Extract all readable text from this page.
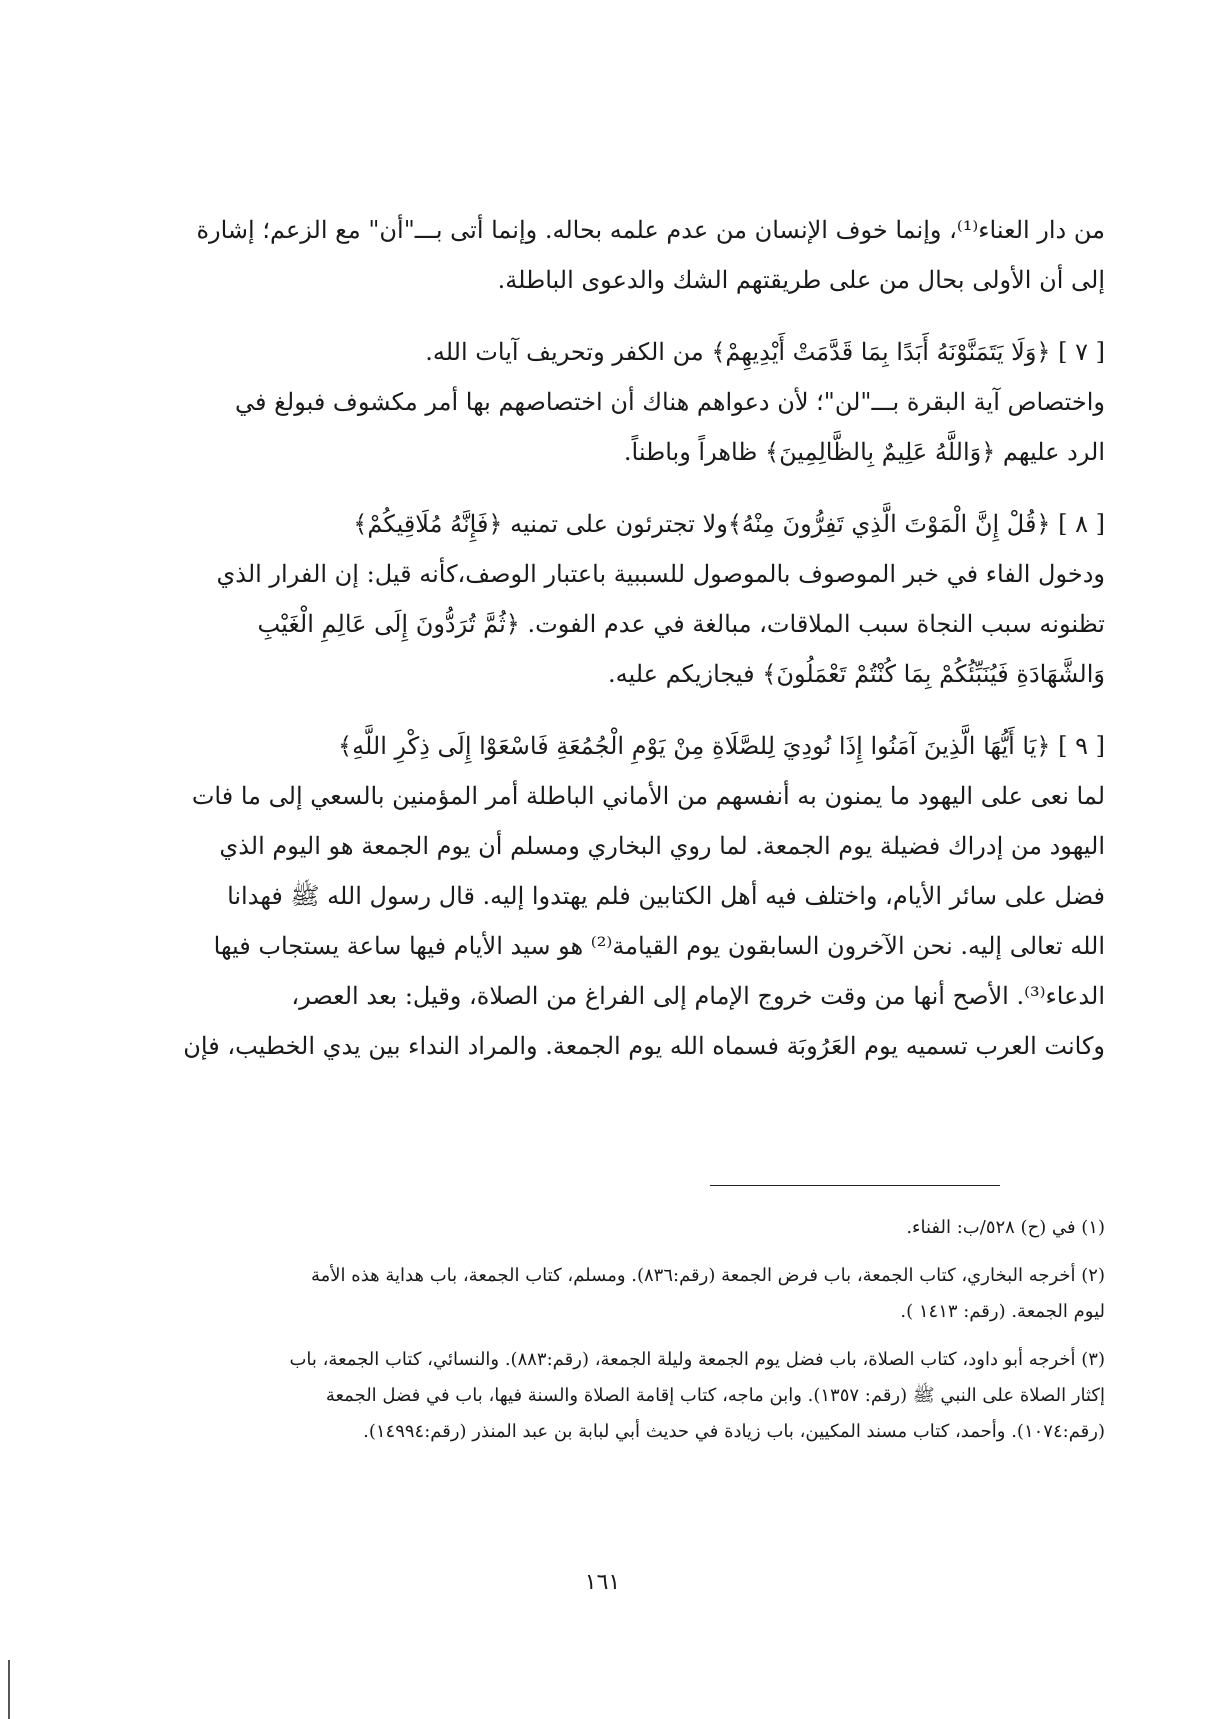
من دار العناء⁽¹⁾، وإنما خوف الإنسان من عدم علمه بحاله. وإنما أتى بـــ"أن" مع الزعم؛ إشارة

إلى أن الأولى بحال من على طريقتهم الشك والدعوى الباطلة.

[ ٧ ] ﴿وَلَا يَتَمَنَّوْنَهُ أَبَدًا بِمَا قَدَّمَتْ أَيْدِيهِمْ﴾ من الكفر وتحريف آيات الله.

واختصاص آية البقرة بـــ"لن"؛ لأن دعواهم هناك أن اختصاصهم بها أمر مكشوف فبولغ في

الرد عليهم ﴿وَاللَّهُ عَلِيمٌ بِالظَّالِمِينَ﴾ ظاهراً وباطناً.

[ ٨ ] ﴿قُلْ إِنَّ الْمَوْتَ الَّذِي تَفِرُّونَ مِنْهُ﴾ولا تجترئون على تمنيه ﴿فَإِنَّهُ مُلَاقِيكُمْ﴾

ودخول الفاء في خبر الموصوف بالموصول للسببية باعتبار الوصف،كأنه قيل: إن الفرار الذي

تظنونه سبب النجاة سبب الملاقات، مبالغة في عدم الفوت. ﴿ثُمَّ تُرَدُّونَ إِلَى عَالِمِ الْغَيْبِ

وَالشَّهَادَةِ فَيُنَبِّئُكُمْ بِمَا كُنْتُمْ تَعْمَلُونَ﴾ فيجازيكم عليه.

[ ٩ ] ﴿يَا أَيُّهَا الَّذِينَ آمَنُوا إِذَا نُودِيَ لِلصَّلَاةِ مِنْ يَوْمِ الْجُمُعَةِ فَاسْعَوْا إِلَى ذِكْرِ اللَّهِ﴾

لما نعى على اليهود ما يمنون به أنفسهم من الأماني الباطلة أمر المؤمنين بالسعي إلى ما فات

اليهود من إدراك فضيلة يوم الجمعة. لما روي البخاري ومسلم أن يوم الجمعة هو اليوم الذي

فضل على سائر الأيام، واختلف فيه أهل الكتابين فلم يهتدوا إليه. قال رسول الله ﷺ فهدانا

الله تعالى إليه. نحن الآخرون السابقون يوم القيامة⁽²⁾ هو سيد الأيام فيها ساعة يستجاب فيها

الدعاء⁽³⁾. الأصح أنها من وقت خروج الإمام إلى الفراغ من الصلاة، وقيل: بعد العصر،

وكانت العرب تسميه يوم العَرُوبَة فسماه الله يوم الجمعة. والمراد النداء بين يدي الخطيب، فإن

(١) في (ح) ٥٢٨/ب: الفناء.

(٢) أخرجه البخاري، كتاب الجمعة، باب فرض الجمعة (رقم:٨٣٦). ومسلم، كتاب الجمعة، باب هداية هذه الأمة

ليوم الجمعة. (رقم: ١٤١٣ ).

(٣) أخرجه أبو داود، كتاب الصلاة، باب فضل يوم الجمعة وليلة الجمعة، (رقم:٨٨٣). والنسائي، كتاب الجمعة، باب

إكثار الصلاة على النبي ﷺ (رقم: ١٣٥٧). وابن ماجه، كتاب إقامة الصلاة والسنة فيها، باب في فضل الجمعة

(رقم:١٠٧٤). وأحمد، كتاب مسند المكيين، باب زيادة في حديث أبي لبابة بن عبد المنذر (رقم:١٤٩٩٤).

١٦١
